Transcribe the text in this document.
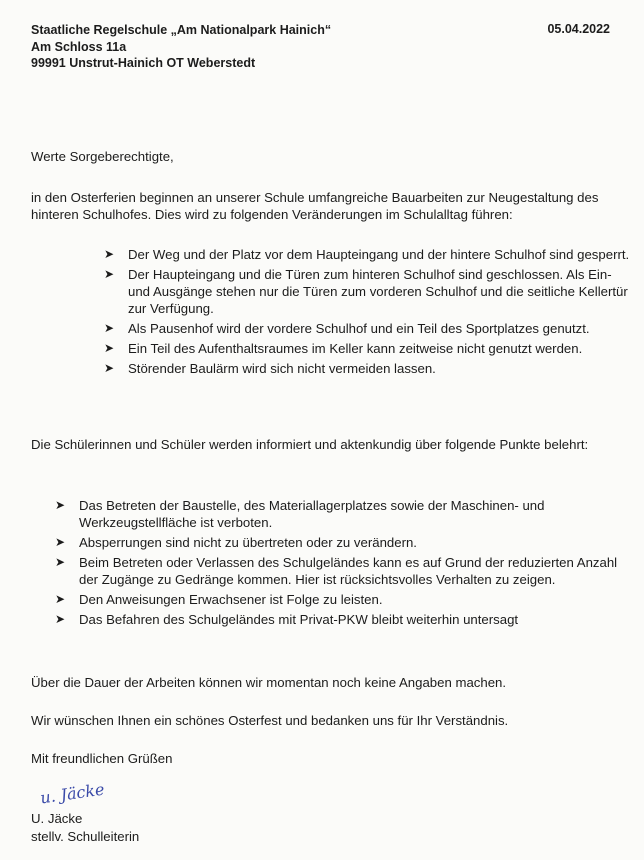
Staatliche Regelschule „Am Nationalpark Hainich“
Am Schloss 11a
99991 Unstrut-Hainich OT Weberstedt
05.04.2022
Werte Sorgeberechtigte,
in den Osterferien beginnen an unserer Schule umfangreiche Bauarbeiten zur Neugestaltung des hinteren Schulhofes. Dies wird zu folgenden Veränderungen im Schulalltag führen:
➤ Der Weg und der Platz vor dem Haupteingang und der hintere Schulhof sind gesperrt.
➤ Der Haupteingang und die Türen zum hinteren Schulhof sind geschlossen. Als Ein- und Ausgänge stehen nur die Türen zum vorderen Schulhof und die seitliche Kellertür zur Verfügung.
➤ Als Pausenhof wird der vordere Schulhof und ein Teil des Sportplatzes genutzt.
➤ Ein Teil des Aufenthaltsraumes im Keller kann zeitweise nicht genutzt werden.
➤ Störender Baulärm wird sich nicht vermeiden lassen.
Die Schülerinnen und Schüler werden informiert und aktenkundig über folgende Punkte belehrt:
➤ Das Betreten der Baustelle, des Materiallagerplatzes sowie der Maschinen- und Werkzeugstellfläche ist verboten.
➤ Absperrungen sind nicht zu übertreten oder zu verändern.
➤ Beim Betreten oder Verlassen des Schulgeländes kann es auf Grund der reduzierten Anzahl der Zugänge zu Gedränge kommen. Hier ist rücksichtsvolles Verhalten zu zeigen.
➤ Den Anweisungen Erwachsener ist Folge zu leisten.
➤ Das Befahren des Schulgeländes mit Privat-PKW bleibt weiterhin untersagt
Über die Dauer der Arbeiten können wir momentan noch keine Angaben machen.
Wir wünschen Ihnen ein schönes Osterfest und bedanken uns für Ihr Verständnis.
Mit freundlichen Grüßen
u. Jäcke
U. Jäcke
stellv. Schulleiterin
